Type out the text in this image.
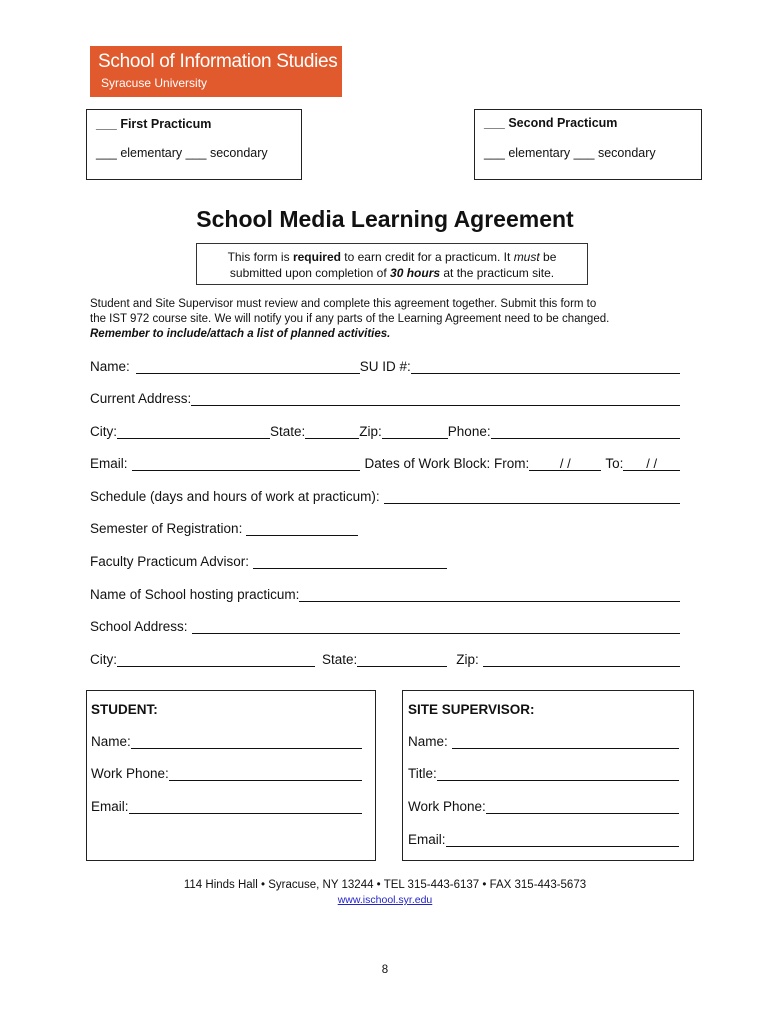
School of Information Studies
Syracuse University
___ First Practicum
___ elementary ___ secondary
___ Second Practicum
___ elementary ___ secondary
School Media Learning Agreement
This form is required to earn credit for a practicum. It must be
submitted upon completion of 30 hours at the practicum site.
Student and Site Supervisor must review and complete this agreement together. Submit this form to
the IST 972 course site. We will notify you if any parts of the Learning Agreement need to be changed.
Remember to include/attach a list of planned activities.
Name:	SU ID #:
Current Address:
City:	State:	Zip:	Phone:
Email:	Dates of Work Block: From:	/ /	To:	/ /
Schedule (days and hours of work at practicum):
Semester of Registration:
Faculty Practicum Advisor:
Name of School hosting practicum:
School Address:
City:	State:	Zip:
STUDENT:
Name:
Work Phone:
Email:
SITE SUPERVISOR:
Name:
Title:
Work Phone:
Email:
114 Hinds Hall • Syracuse, NY 13244 • TEL 315-443-6137 • FAX 315-443-5673
www.ischool.syr.edu
8
